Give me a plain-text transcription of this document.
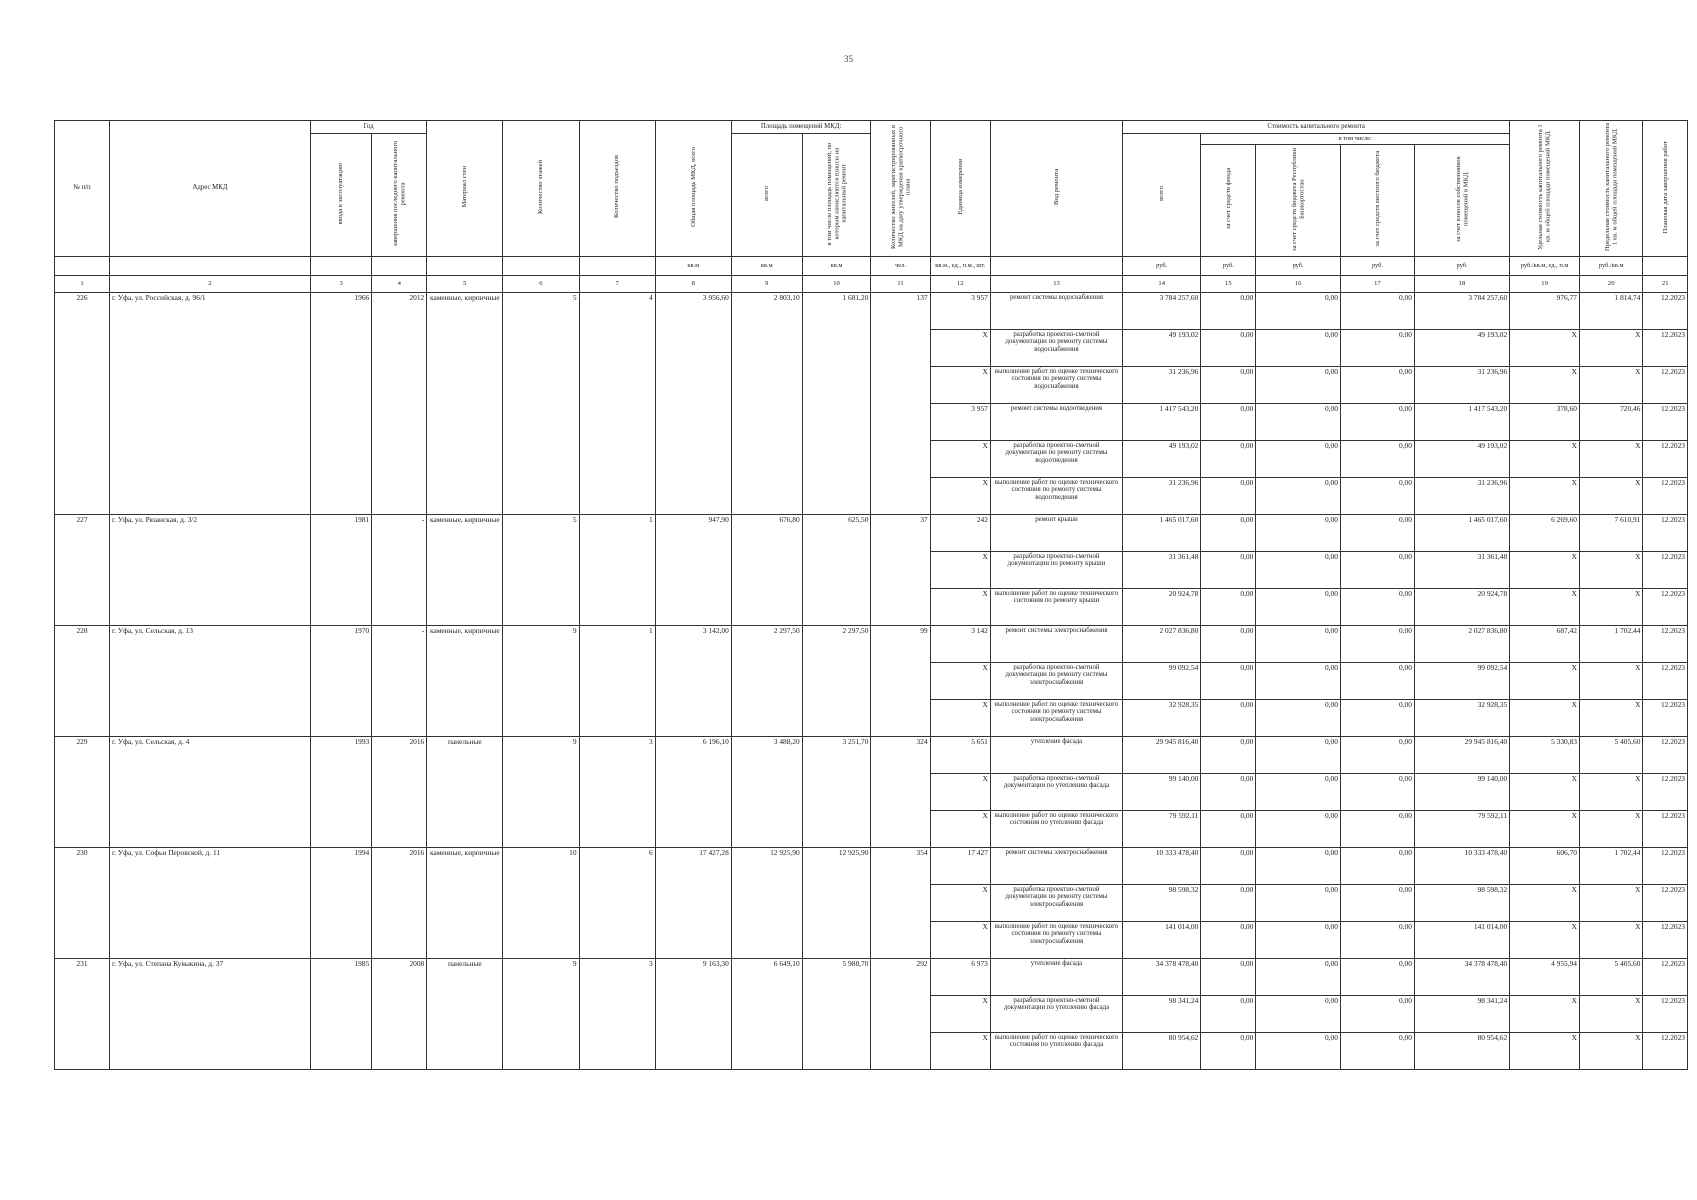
35
№ п/п	Адрес МКД	Год		Материал стен	Количество этажей	Количество подъездов	Общая площадь МКД, всего	Площадь помещений МКД:		Количество жителей, зарегистрированных в МКД на дату утверждения краткосрочного плана	Единица измерения	Вид ремонта	Стоимость капитального ремонта					Удельная стоимость капитального ремонта 1 кв. м общей площади помещений МКД	Предельная стоимость капитального ремонта 1 кв. м общей площади помещений МКД	Плановая дата завершения работ
		ввода в эксплуатацию	завершения последнего капитального ремонта					всего	в том числе площадь помещений, по которым начисляются взносы на капитальный ремонт				всего	в том числе:						
														за счет средств фонда	за счет средств бюджета Республики Башкортостан	за счет средств местного бюджета	за счет взносов собственников помещений в МКД			
							кв.м	кв.м	кв.м	чел.	кв.м., ед., п.м., шт.		руб.	руб.	руб.	руб.	руб.	руб./кв.м, ед., п.м	руб./кв.м	
1	2	3	4	5	6	7	8	9	10	11	12	13	14	15	16	17	18	19	20	21
226	г. Уфа, ул. Российская, д. 96/1	1966	2012	каменные, кирпичные	5	4	3 956,60	2 803,10	1 681,20	137	3 957	ремонт системы водоснабжения	3 784 257,60	0,00	0,00	0,00	3 784 257,60	976,77	1 814,74	12.2023
											X	разработка проектно-сметной документации по ремонту системы водоснабжения	49 193,02	0,00	0,00	0,00	49 193,02	X	X	12.2023
											X	выполнение работ по оценке технического состояния по ремонту системы водоснабжения	31 236,96	0,00	0,00	0,00	31 236,96	X	X	12.2023
											3 957	ремонт системы водоотведения	1 417 543,20	0,00	0,00	0,00	1 417 543,20	378,60	720,46	12.2023
											X	разработка проектно-сметной документации по ремонту системы водоотведения	49 193,02	0,00	0,00	0,00	49 193,02	X	X	12.2023
											X	выполнение работ по оценке технического состояния по ремонту системы водоотведения	31 236,96	0,00	0,00	0,00	31 236,96	X	X	12.2023
227	г. Уфа, ул. Рязанская, д. 3/2	1981	-	каменные, кирпичные	5	1	947,90	676,80	625,50	37	242	ремонт крыши	1 465 017,60	0,00	0,00	0,00	1 465 017,60	6 269,60	7 610,91	12.2023
											X	разработка проектно-сметной документации по ремонту крыши	31 361,48	0,00	0,00	0,00	31 361,48	X	X	12.2023
											X	выполнение работ по оценке технического состояния по ремонту крыши	20 924,78	0,00	0,00	0,00	20 924,78	X	X	12.2023
228	г. Уфа, ул. Сельская, д. 13	1970	-	каменные, кирпичные	9	1	3 142,00	2 297,50	2 297,50	99	3 142	ремонт системы электроснабжения	2 027 836,80	0,00	0,00	0,00	2 027 836,80	687,42	1 702,44	12.2023
											X	разработка проектно-сметной документации по ремонту системы электроснабжения	99 092,54	0,00	0,00	0,00	99 092,54	X	X	12.2023
											X	выполнение работ по оценке технического состояния по ремонту системы электроснабжения	32 928,35	0,00	0,00	0,00	32 928,35	X	X	12.2023
229	г. Уфа, ул. Сельская, д. 4	1993	2016	панельные	9	3	6 196,10	3 488,20	3 251,70	324	5 651	утепление фасада	29 945 816,40	0,00	0,00	0,00	29 945 816,40	5 330,83	5 405,60	12.2023
											X	разработка проектно-сметной документации по утеплению фасада	99 140,00	0,00	0,00	0,00	99 140,00	X	X	12.2023
											X	выполнение работ по оценке технического состояния по утеплению фасада	79 592,11	0,00	0,00	0,00	79 592,11	X	X	12.2023
230	г. Уфа, ул. Софьи Перовской, д. 11	1994	2016	каменные, кирпичные	10	6	17 427,28	12 925,90	12 925,90	354	17 427	ремонт системы электроснабжения	10 333 478,40	0,00	0,00	0,00	10 333 478,40	606,70	1 702,44	12.2023
											X	разработка проектно-сметной документации по ремонту системы электроснабжения	98 598,32	0,00	0,00	0,00	98 598,32	X	X	12.2023
											X	выполнение работ по оценке технического состояния по ремонту системы электроснабжения	141 014,00	0,00	0,00	0,00	141 014,00	X	X	12.2023
231	г. Уфа, ул. Степана Кувыкина, д. 37	1985	2008	панельные	9	3	9 163,30	6 649,10	5 988,70	292	6 973	утепление фасада	34 378 478,40	0,00	0,00	0,00	34 378 478,40	4 955,94	5 405,60	12.2023
											X	разработка проектно-сметной документации по утеплению фасада	98 341,24	0,00	0,00	0,00	98 341,24	X	X	12.2023
											X	выполнение работ по оценке технического состояния по утеплению фасада	80 954,62	0,00	0,00	0,00	80 954,62	X	X	12.2023
